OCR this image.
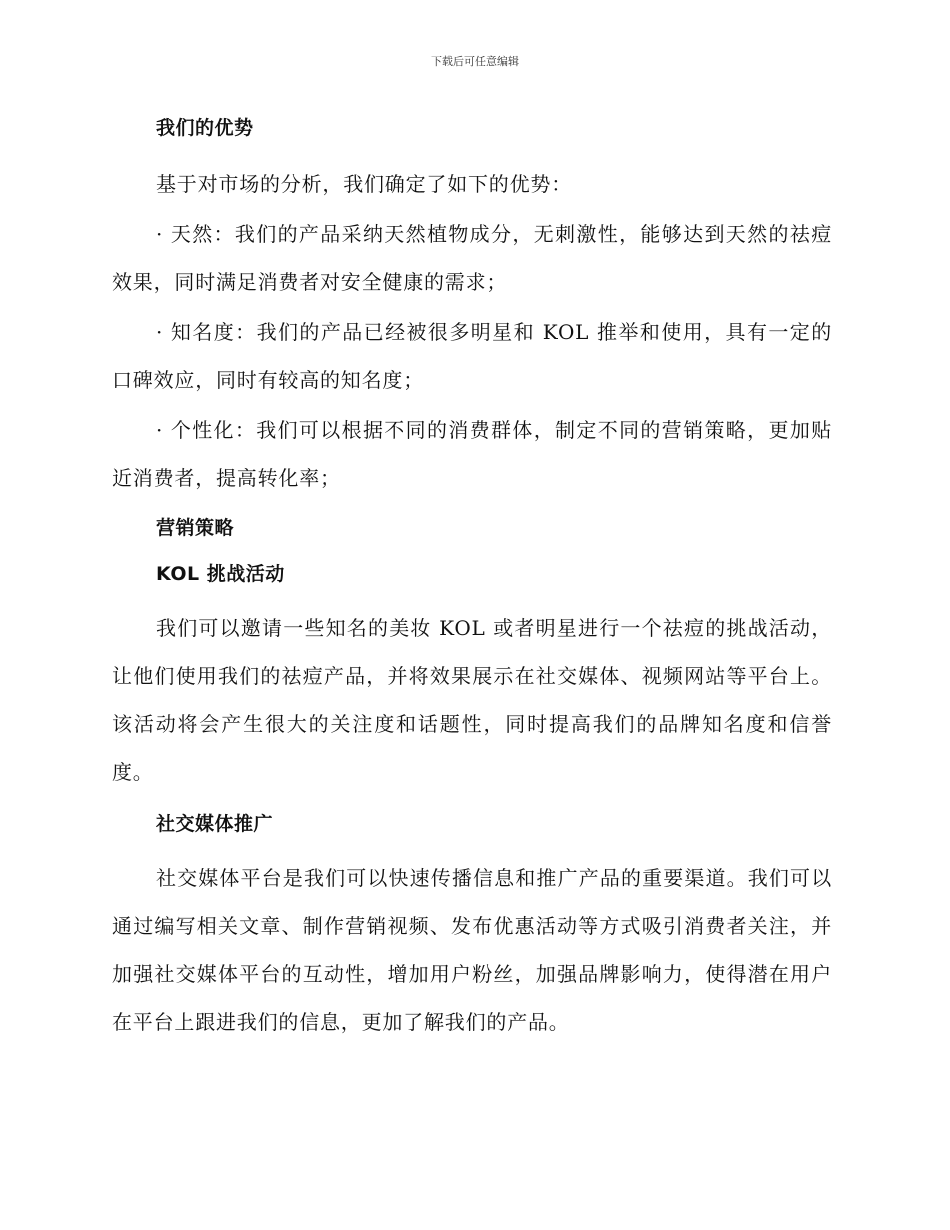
下载后可任意编辑
我们的优势

基于对市场的分析，我们确定了如下的优势：

· 天然：我们的产品采纳天然植物成分，无刺激性，能够达到天然的祛痘效果，同时满足消费者对安全健康的需求；

· 知名度：我们的产品已经被很多明星和 KOL 推举和使用，具有一定的口碑效应，同时有较高的知名度；

· 个性化：我们可以根据不同的消费群体，制定不同的营销策略，更加贴近消费者，提高转化率；

营销策略
KOL 挑战活动

我们可以邀请一些知名的美妆 KOL 或者明星进行一个祛痘的挑战活动，让他们使用我们的祛痘产品，并将效果展示在社交媒体、视频网站等平台上。该活动将会产生很大的关注度和话题性，同时提高我们的品牌知名度和信誉度。

社交媒体推广

社交媒体平台是我们可以快速传播信息和推广产品的重要渠道。我们可以通过编写相关文章、制作营销视频、发布优惠活动等方式吸引消费者关注，并加强社交媒体平台的互动性，增加用户粉丝，加强品牌影响力，使得潜在用户在平台上跟进我们的信息，更加了解我们的产品。
